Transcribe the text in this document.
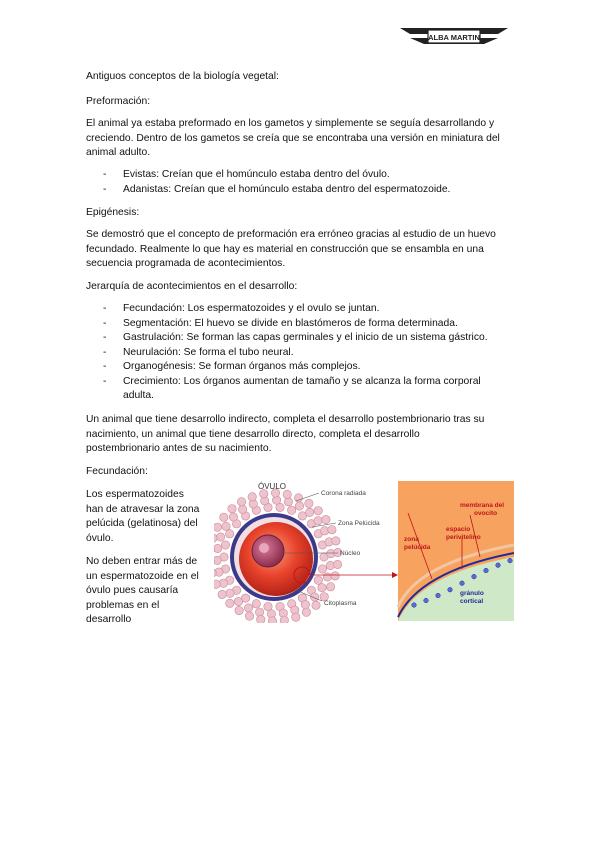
ALBA MARTIN

Antiguos conceptos de la biología vegetal:

Preformación:

El animal ya estaba preformado en los gametos y simplemente se seguía desarrollando y

creciendo. Dentro de los gametos se creía que se encontraba una versión en miniatura del

animal adulto.

- Evistas: Creían que el homúnculo estaba dentro del óvulo.
- Adanistas: Creían que el homúnculo estaba dentro del espermatozoide.

Epigénesis:

Se demostró que el concepto de preformación era erróneo gracias al estudio de un huevo

fecundado. Realmente lo que hay es material en construcción que se ensambla en una

secuencia programada de acontecimientos.

Jerarquía de acontecimientos en el desarrollo:

- Fecundación: Los espermatozoides y el ovulo se juntan.
- Segmentación: El huevo se divide en blastómeros de forma determinada.
- Gastrulación: Se forman las capas germinales y el inicio de un sistema gástrico.
- Neurulación: Se forma el tubo neural.
- Organogénesis: Se forman órganos más complejos.
- Crecimiento: Los órganos aumentan de tamaño y se alcanza la forma corporal
adulta.

Un animal que tiene desarrollo indirecto, completa el desarrollo postembrionario tras su

nacimiento, un animal que tiene desarrollo directo, completa el desarrollo

postembrionario antes de su nacimiento.

Fecundación:

Los espermatozoides

han de atravesar la zona

pelúcida (gelatinosa) del

óvulo.

No deben entrar más de

un espermatozoide en el

óvulo pues causaría

problemas en el

desarrollo

ÓVULO
Corona radiada
Zona Pelúcida
Núcleo
Citoplasma
membrana del
ovocito
espacio
perivitelino
zona
pelúcida
gránulo
cortical
